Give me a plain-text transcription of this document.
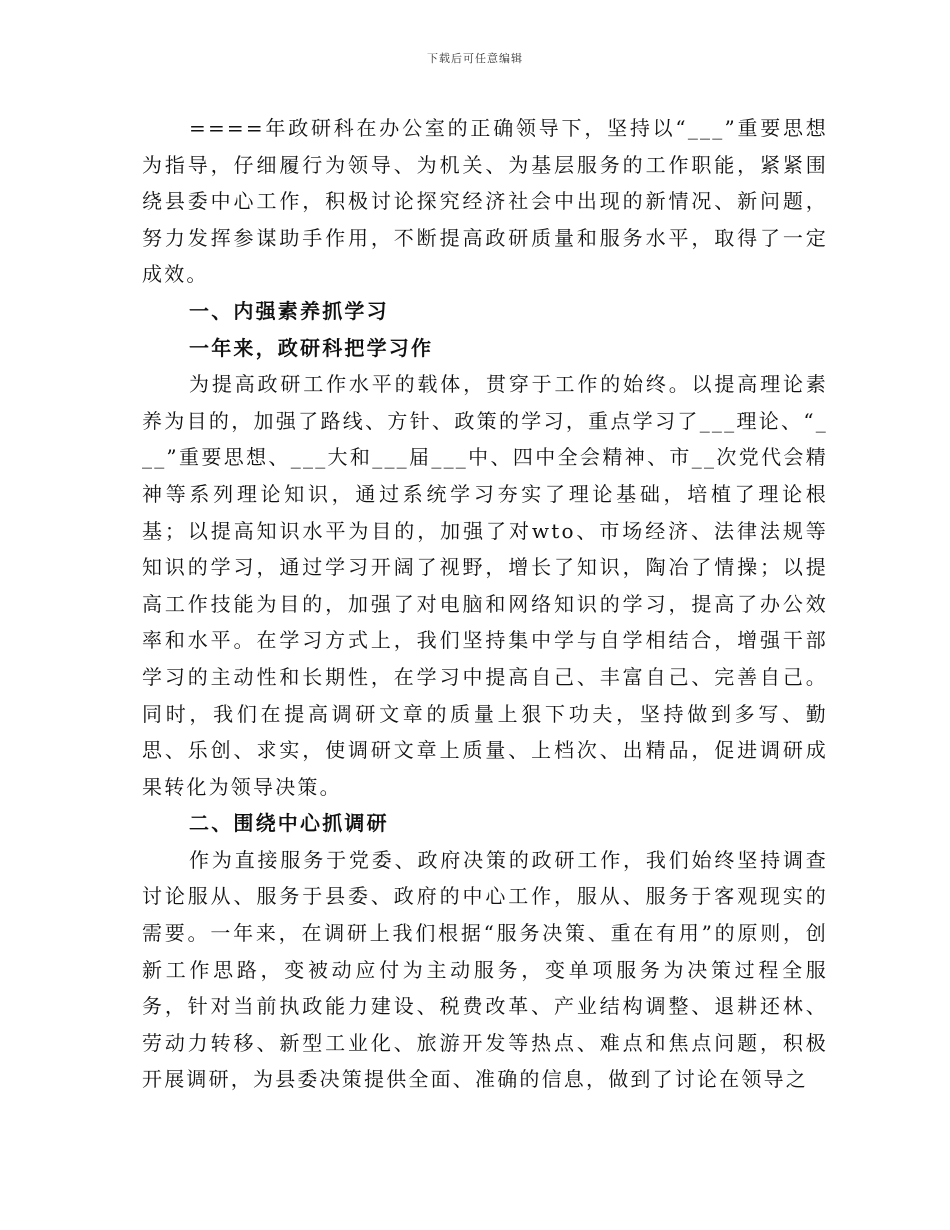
下载后可任意编辑

====年政研科在办公室的正确领导下，坚持以“___”重要思想为指导，仔细履行为领导、为机关、为基层服务的工作职能，紧紧围绕县委中心工作，积极讨论探究经济社会中出现的新情况、新问题，努力发挥参谋助手作用，不断提高政研质量和服务水平，取得了一定成效。

一、内强素养抓学习

一年来，政研科把学习作

为提高政研工作水平的载体，贯穿于工作的始终。以提高理论素养为目的，加强了路线、方针、政策的学习，重点学习了___理论、“___”重要思想、___大和___届___中、四中全会精神、市__次党代会精神等系列理论知识，通过系统学习夯实了理论基础，培植了理论根基；以提高知识水平为目的，加强了对wto、市场经济、法律法规等知识的学习，通过学习开阔了视野，增长了知识，陶冶了情操；以提高工作技能为目的，加强了对电脑和网络知识的学习，提高了办公效率和水平。在学习方式上，我们坚持集中学与自学相结合，增强干部学习的主动性和长期性，在学习中提高自己、丰富自己、完善自己。同时，我们在提高调研文章的质量上狠下功夫，坚持做到多写、勤思、乐创、求实，使调研文章上质量、上档次、出精品，促进调研成果转化为领导决策。

二、围绕中心抓调研

作为直接服务于党委、政府决策的政研工作，我们始终坚持调查讨论服从、服务于县委、政府的中心工作，服从、服务于客观现实的需要。一年来，在调研上我们根据“服务决策、重在有用”的原则，创新工作思路，变被动应付为主动服务，变单项服务为决策过程全服务，针对当前执政能力建设、税费改革、产业结构调整、退耕还林、劳动力转移、新型工业化、旅游开发等热点、难点和焦点问题，积极开展调研，为县委决策提供全面、准确的信息，做到了讨论在领导之
